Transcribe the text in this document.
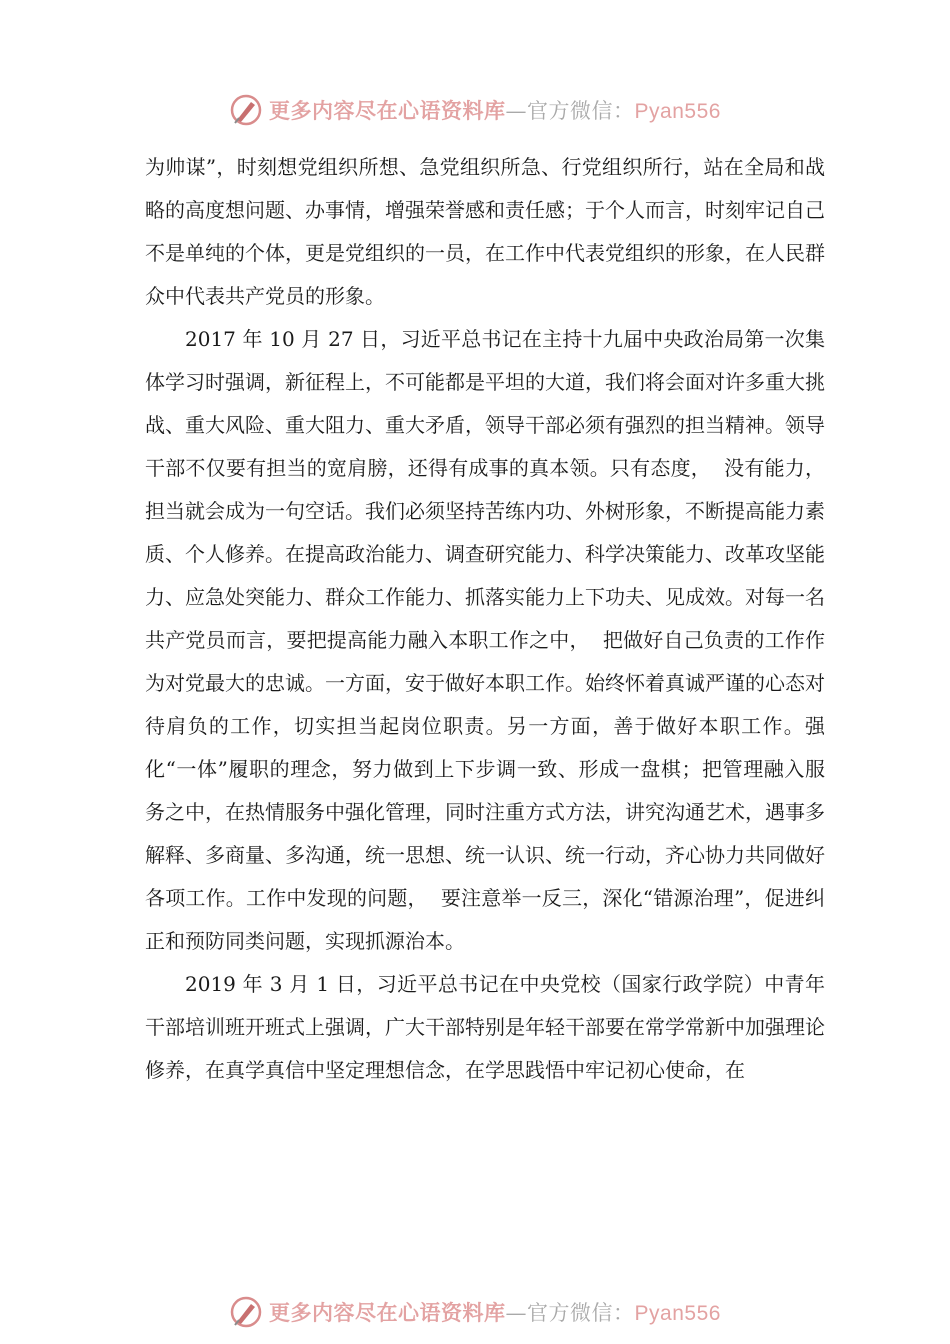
更多内容尽在心语资料库—官方微信：Pyan556

为帅谋”，时刻想党组织所想、急党组织所急、行党组织所行，站在全局和战略的高度想问题、办事情，增强荣誉感和责任感；于个人而言，时刻牢记自己不是单纯的个体，更是党组织的一员，在工作中代表党组织的形象，在人民群众中代表共产党员的形象。

2017 年 10 月 27 日，习近平总书记在主持十九届中央政治局第一次集体学习时强调，新征程上，不可能都是平坦的大道，我们将会面对许多重大挑战、重大风险、重大阻力、重大矛盾，领导干部必须有强烈的担当精神。领导干部不仅要有担当的宽肩膀，还得有成事的真本领。只有态度，  没有能力，担当就会成为一句空话。我们必须坚持苦练内功、外树形象，不断提高能力素质、个人修养。在提高政治能力、调查研究能力、科学决策能力、改革攻坚能力、应急处突能力、群众工作能力、抓落实能力上下功夫、见成效。对每一名共产党员而言，要把提高能力融入本职工作之中，  把做好自己负责的工作作为对党最大的忠诚。一方面，安于做好本职工作。始终怀着真诚严谨的心态对待肩负的工作，切实担当起岗位职责。另一方面，善于做好本职工作。强化“一体”履职的理念，努力做到上下步调一致、形成一盘棋；把管理融入服务之中，在热情服务中强化管理，同时注重方式方法，讲究沟通艺术，遇事多解释、多商量、多沟通，统一思想、统一认识、统一行动，齐心协力共同做好各项工作。工作中发现的问题，  要注意举一反三，深化“错源治理”，促进纠正和预防同类问题，实现抓源治本。

2019 年 3 月 1 日，习近平总书记在中央党校（国家行政学院）中青年干部培训班开班式上强调，广大干部特别是年轻干部要在常学常新中加强理论修养，在真学真信中坚定理想信念，在学思践悟中牢记初心使命，在

更多内容尽在心语资料库—官方微信：Pyan556
